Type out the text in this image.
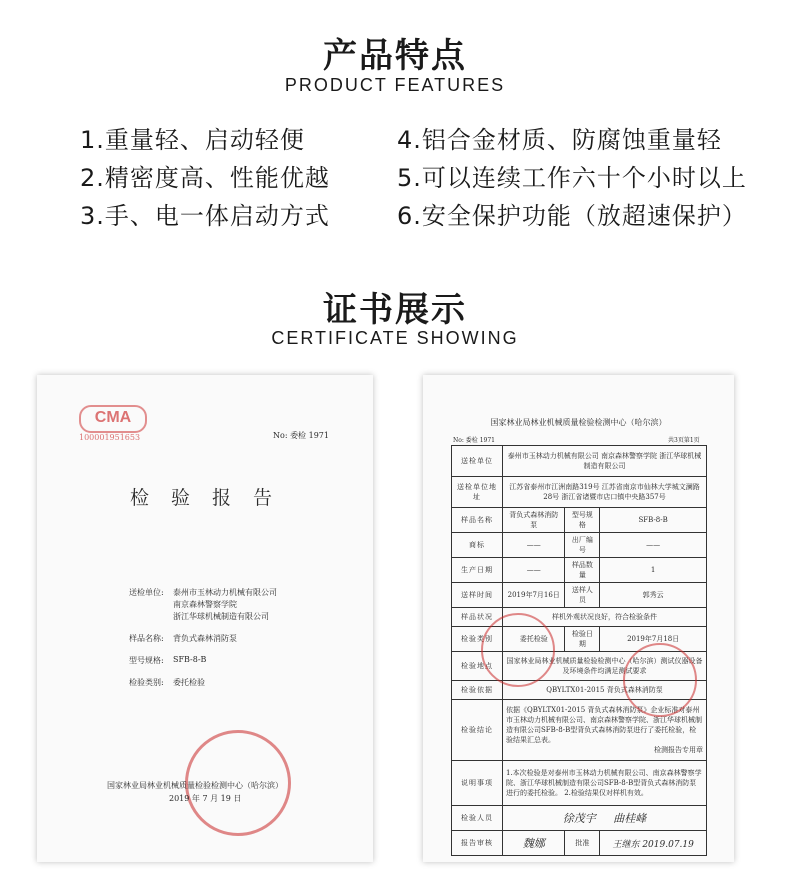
产品特点
PRODUCT FEATURES
1.重量轻、启动轻便
2.精密度高、性能优越
3.手、电一体启动方式
4.铝合金材质、防腐蚀重量轻
5.可以连续工作六十个小时以上
6.安全保护功能（放超速保护）
证书展示
CERTIFICATE SHOWING
CMA
100001951653	No: 委检 1971
检 验 报 告
送检单位: 泰州市玉林动力机械有限公司
南京森林警察学院
浙江华球机械制造有限公司
样品名称: 背负式森林消防泵
型号规格: SFB-8-B
检验类别: 委托检验
国家林业局林业机械质量检验检测中心（哈尔滨）
2019 年 7 月 19 日
国家林业局林业机械质量检验检测中心（哈尔滨）
No: 委检 1971	共3页第1页
送检单位	泰州市玉林动力机械有限公司 南京森林警察学院 浙江华球机械制造有限公司		
送检单位地址	江苏省泰州市江洲南路319号 江苏省南京市仙林大学城文澜路28号 浙江省诸暨市店口镇中央路357号		
样品名称	背负式森林消防泵	型号规格	SFB-8-B
商标	——	出厂编号	——
生产日期	——	样品数量	1
送样时间	2019年7月16日	送样人员	郭秀云
样品状况	样机外观状况良好，符合检验条件		
检验类别	委托检验	检验日期	2019年7月18日
检验地点	国家林业局林业机械质量检验检测中心（哈尔滨）测试仪器设备及环境条件均满足测试要求		
检验依据	QBYLTX01-2015 背负式森林消防泵		
检验结论	依据《QBYLTX01-2015 背负式森林消防泵》企业标准对泰州市玉林动力机械有限公司、南京森林警察学院、浙江华球机械制造有限公司SFB-8-B型背负式森林消防泵进行了委托检验，检验结果汇总表。

检测报告专用章		

说明事项	1.本次检验是对泰州市玉林动力机械有限公司、南京森林警察学院、浙江华球机械制造有限公司SFB-8-B型背负式森林消防泵进行的委托检验。 2.检验结果仅对样机有效。		
检验人员	徐茂宇 曲桂峰		
报告审核	魏娜	批准	王继东 2019.07.19
